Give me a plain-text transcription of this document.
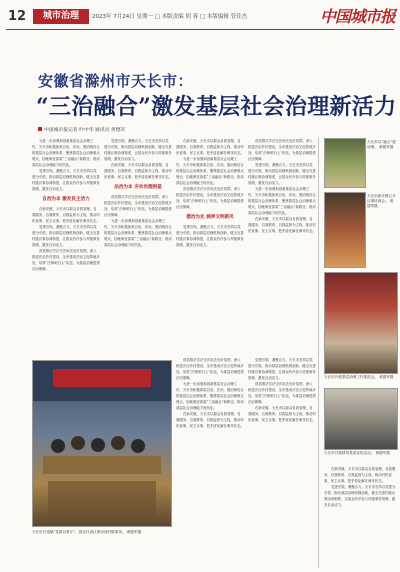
12	城市治理	2023年 7月24日 星期一 □ 本版责编 胡 蓉 □ 本版编辑 管佳杰	中国城市报
安徽省滁州市天长市：
“三治融合”激发基层社会治理新活力
中国城市报记者 叶中华 通讯员 黄德军

为进一步加强和创新基层社会治理工作，天长市积极探索自治、法治、德治相结合的基层社会治理体系，聚焦基层社会治理难点堵点，因地制宜探索“三治融合”新路径，推动基层社会治理能力现代化。

党建引领，凝聚合力。天长市坚持以党建为引领，推动基层治理机制创新，健全完善村级议事协商制度，让群众有序参与村级事务管理，激发自治活力。

自治为本 激发民主活力

在新安镇，天长市以群众自我管理、自我服务、自我教育、自我监督为主线，推动村民说事、民主议事，把矛盾化解在萌芽状态。

党建引领，凝聚合力。天长市坚持以党建为引领，推动基层治理机制创新，健全完善村级议事协商制度，让群众有序参与村级事务管理，激发自治活力。

营造尊法学法守法用法良好氛围，深入推进法治乡村建设，全市建成法治文化阵地多处，培养“法律明白人”队伍，为基层治理提供法治保障。

党建引领，凝聚合力。天长市坚持以党建为引领，推动基层治理机制创新，健全完善村级议事协商制度，让群众有序参与村级事务管理，激发自治活力。

在新安镇，天长市以群众自我管理、自我服务、自我教育、自我监督为主线，推动村民说事、民主议事，把矛盾化解在萌芽状态。

法治为本 夯实治理根基

营造尊法学法守法用法良好氛围，深入推进法治乡村建设，全市建成法治文化阵地多处，培养“法律明白人”队伍，为基层治理提供法治保障。

为进一步加强和创新基层社会治理工作，天长市积极探索自治、法治、德治相结合的基层社会治理体系，聚焦基层社会治理难点堵点，因地制宜探索“三治融合”新路径，推动基层社会治理能力现代化。

在新安镇，天长市以群众自我管理、自我服务、自我教育、自我监督为主线，推动村民说事、民主议事，把矛盾化解在萌芽状态。

为进一步加强和创新基层社会治理工作，天长市积极探索自治、法治、德治相结合的基层社会治理体系，聚焦基层社会治理难点堵点，因地制宜探索“三治融合”新路径，推动基层社会治理能力现代化。

营造尊法学法守法用法良好氛围，深入推进法治乡村建设，全市建成法治文化阵地多处，培养“法律明白人”队伍，为基层治理提供法治保障。

德治为先 涵养文明新风

党建引领，凝聚合力。天长市坚持以党建为引领，推动基层治理机制创新，健全完善村级议事协商制度，让群众有序参与村级事务管理，激发自治活力。

营造尊法学法守法用法良好氛围，深入推进法治乡村建设，全市建成法治文化阵地多处，培养“法律明白人”队伍，为基层治理提供法治保障。

党建引领，凝聚合力。天长市坚持以党建为引领，推动基层治理机制创新，健全完善村级议事协商制度，让群众有序参与村级事务管理，激发自治活力。

为进一步加强和创新基层社会治理工作，天长市积极探索自治、法治、德治相结合的基层社会治理体系，聚焦基层社会治理难点堵点，因地制宜探索“三治融合”新路径，推动基层社会治理能力现代化。

在新安镇，天长市以群众自我管理、自我服务、自我教育、自我监督为主线，推动村民说事、民主议事，把矛盾化解在萌芽状态。

天长市石梁镇“党群议事厅”，群众代表议事协商村级事务。 黄德军摄

营造尊法学法守法用法良好氛围，深入推进法治乡村建设，全市建成法治文化阵地多处，培养“法律明白人”队伍，为基层治理提供法治保障。

为进一步加强和创新基层社会治理工作，天长市积极探索自治、法治、德治相结合的基层社会治理体系，聚焦基层社会治理难点堵点，因地制宜探索“三治融合”新路径，推动基层社会治理能力现代化。

在新安镇，天长市以群众自我管理、自我服务、自我教育、自我监督为主线，推动村民说事、民主议事，把矛盾化解在萌芽状态。

党建引领，凝聚合力。天长市坚持以党建为引领，推动基层治理机制创新，健全完善村级议事协商制度，让群众有序参与村级事务管理，激发自治活力。

营造尊法学法守法用法良好氛围，深入推进法治乡村建设，全市建成法治文化阵地多处，培养“法律明白人”队伍，为基层治理提供法治保障。

在新安镇，天长市以群众自我管理、自我服务、自我教育、自我监督为主线，推动村民说事、民主议事，把矛盾化解在萌芽状态。

天长市以“融合”促治理。 黄德军摄
天长市新安镇召开议事协商会。 黄德军摄
天长市开展基层治理工作推进会。 黄德军摄
天长市开展移风易俗宣传活动。 黄德军摄

在新安镇，天长市以群众自我管理、自我服务、自我教育、自我监督为主线，推动村民说事、民主议事，把矛盾化解在萌芽状态。

党建引领，凝聚合力。天长市坚持以党建为引领，推动基层治理机制创新，健全完善村级议事协商制度，让群众有序参与村级事务管理，激发自治活力。
